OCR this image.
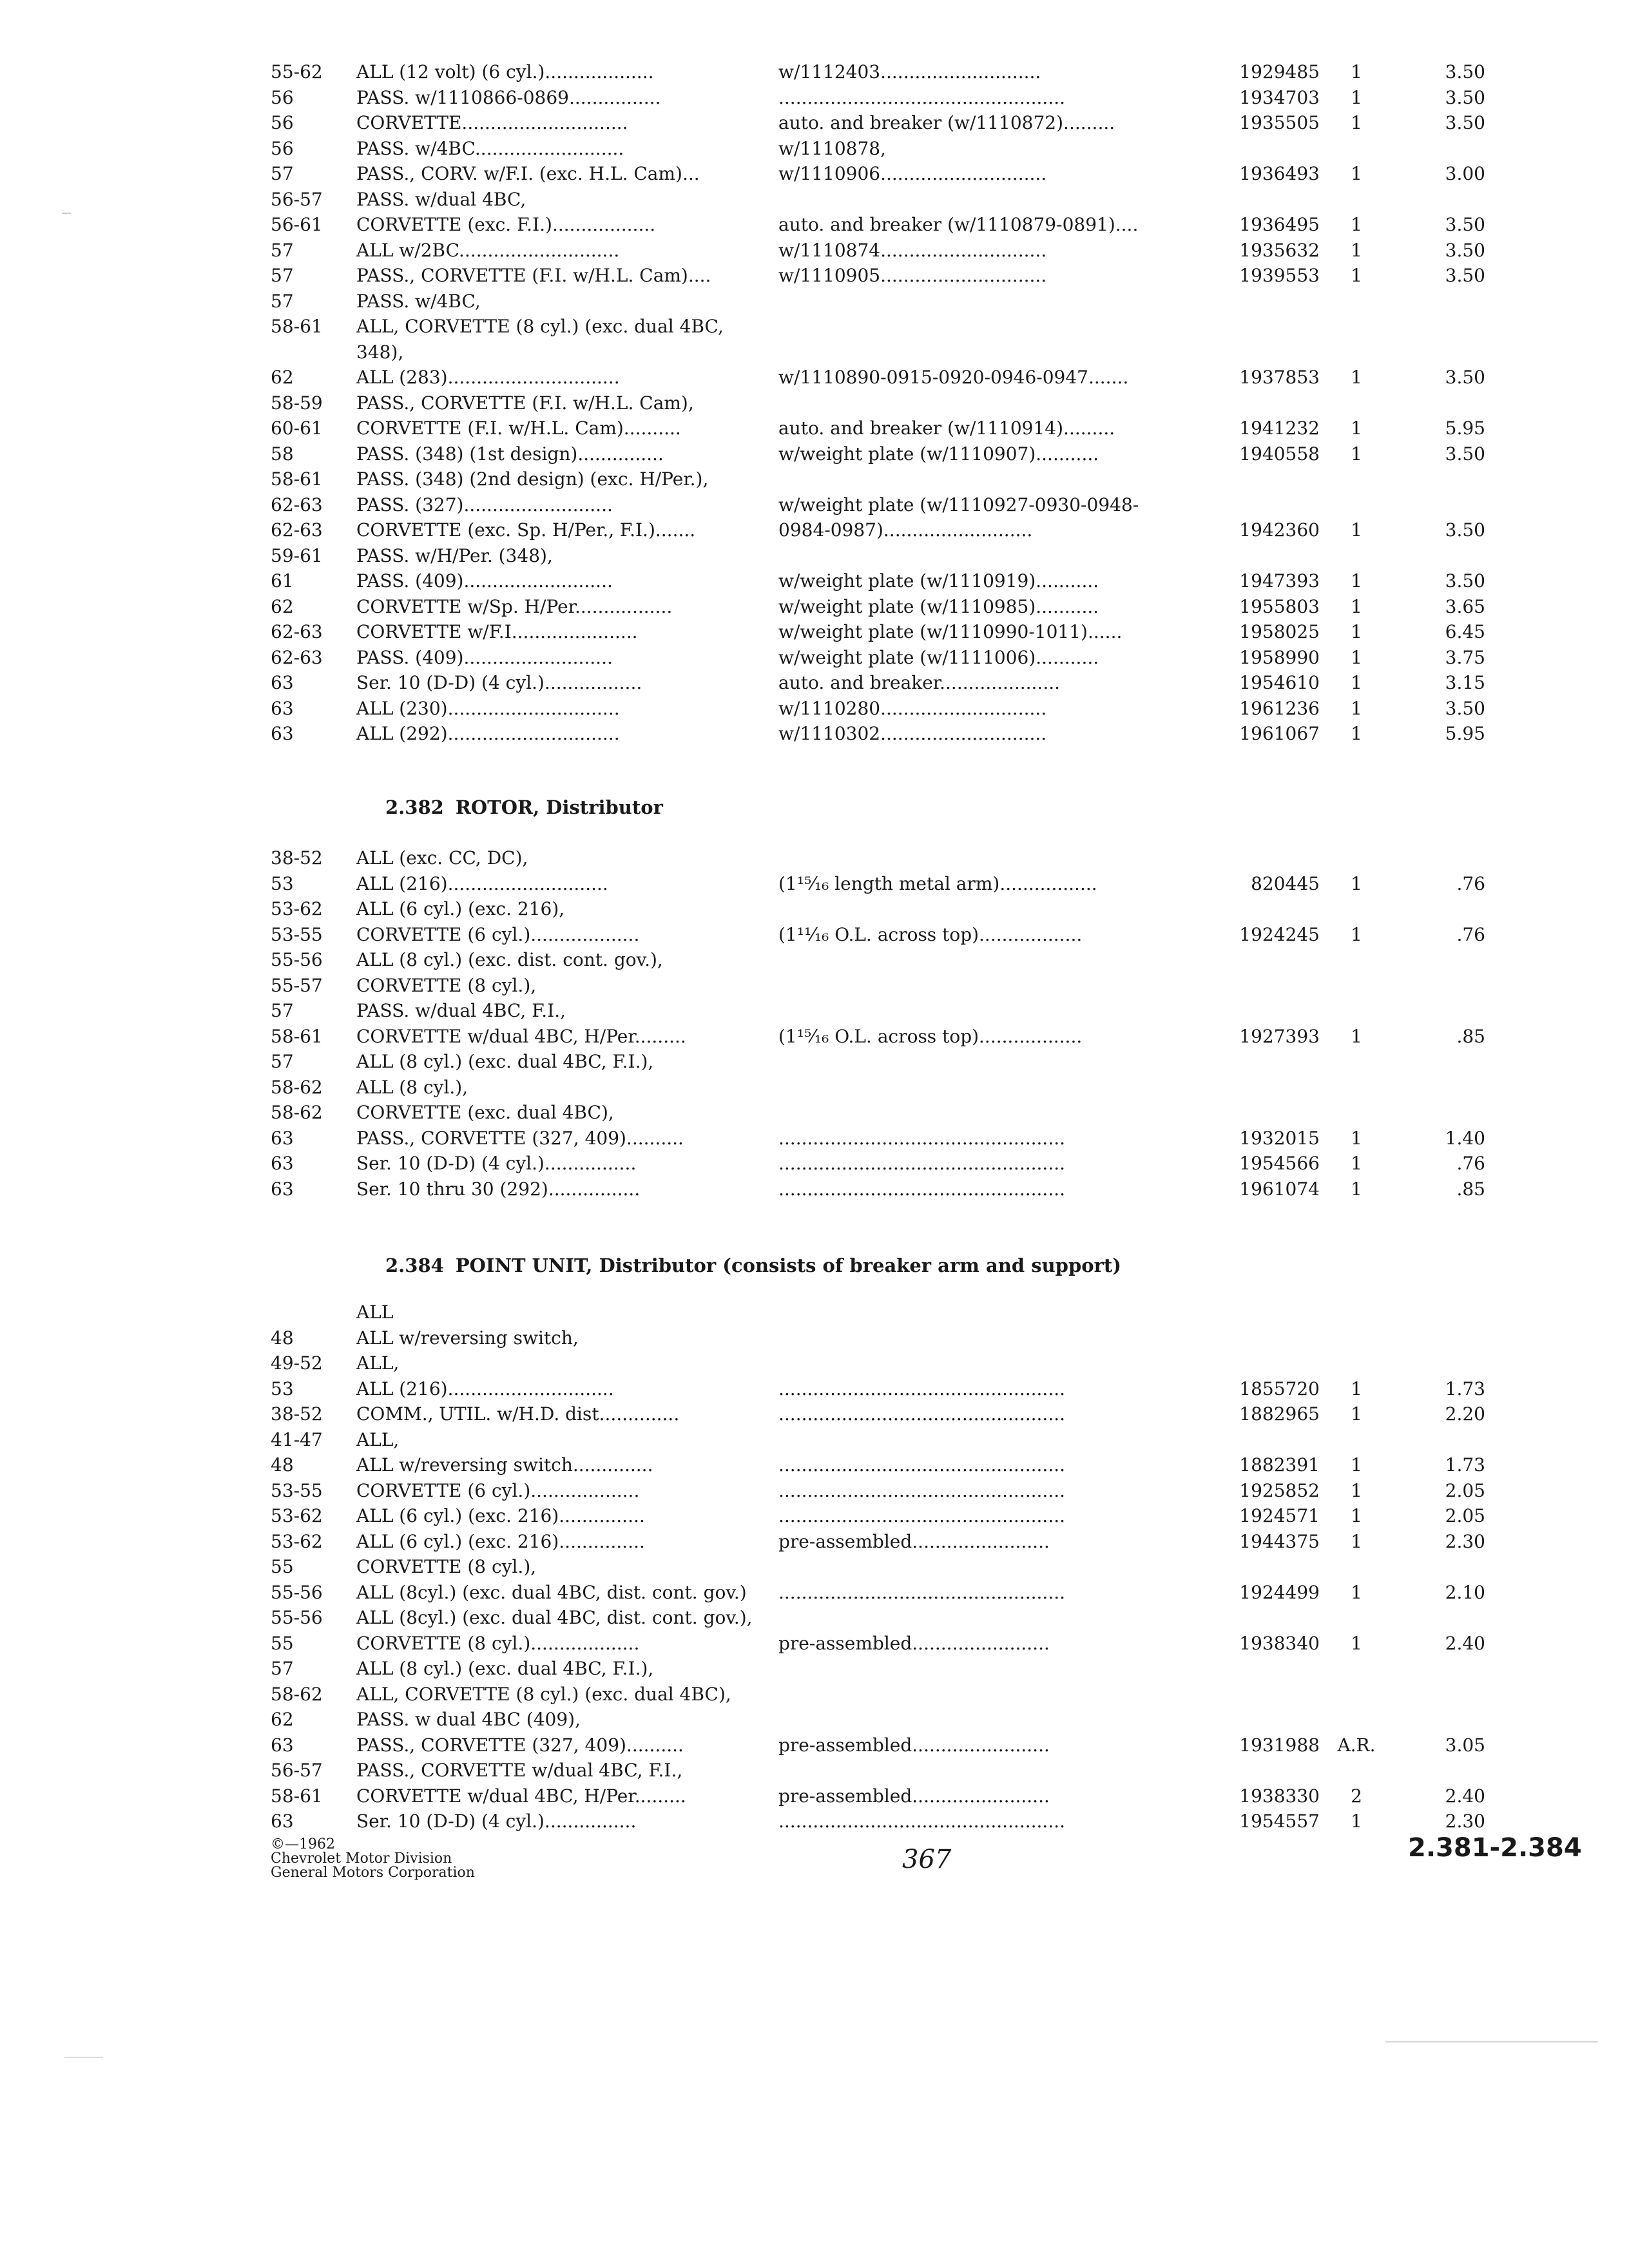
55-62 ALL (12 volt) (6 cyl.)...................	w/1112403............................	1929485	1	3.50
56	PASS. w/1110866-0869................	..................................................	1934703	1	3.50
56	CORVETTE.............................	auto. and breaker (w/1110872).........	1935505	1	3.50
56	PASS. w/4BC..........................	w/1110878,
57	PASS., CORV. w/F.I. (exc. H.L. Cam)...	w/1110906.............................	1936493	1	3.00
56-57 PASS. w/dual 4BC,
56-61 CORVETTE (exc. F.I.)..................	auto. and breaker (w/1110879-0891)....	1936495	1	3.50
57	ALL w/2BC............................	w/1110874.............................	1935632	1	3.50
57	PASS., CORVETTE (F.I. w/H.L. Cam)....	w/1110905.............................	1939553	1	3.50
57	PASS. w/4BC,
58-61 ALL, CORVETTE (8 cyl.) (exc. dual 4BC,
348),
62	ALL (283)..............................	w/1110890-0915-0920-0946-0947.......	1937853	1	3.50
58-59 PASS., CORVETTE (F.I. w/H.L. Cam),
60-61 CORVETTE (F.I. w/H.L. Cam)..........	auto. and breaker (w/1110914).........	1941232	1	5.95
58	PASS. (348) (1st design)...............	w/weight plate (w/1110907)...........	1940558	1	3.50
58-61 PASS. (348) (2nd design) (exc. H/Per.),
62-63 PASS. (327)..........................	w/weight plate (w/1110927-0930-0948-
62-63 CORVETTE (exc. Sp. H/Per., F.I.).......	0984-0987)..........................	1942360	1	3.50
59-61 PASS. w/H/Per. (348),
61	PASS. (409)..........................	w/weight plate (w/1110919)...........	1947393	1	3.50
62	CORVETTE w/Sp. H/Per.................	w/weight plate (w/1110985)...........	1955803	1	3.65
62-63 CORVETTE w/F.I......................	w/weight plate (w/1110990-1011)......	1958025	1	6.45
62-63 PASS. (409)..........................	w/weight plate (w/1111006)...........	1958990	1	3.75
63	Ser. 10 (D-D) (4 cyl.).................	auto. and breaker.....................	1954610	1	3.15
63	ALL (230)..............................	w/1110280.............................	1961236	1	3.50
63	ALL (292)..............................	w/1110302.............................	1961067	1	5.95
2.382 ROTOR, Distributor
38-52 ALL (exc. CC, DC),
53	ALL (216)............................	(1¹⁵⁄₁₆ length metal arm).................	820445	1	.76
53-62 ALL (6 cyl.) (exc. 216),
53-55 CORVETTE (6 cyl.)...................	(1¹¹⁄₁₆ O.L. across top)..................	1924245	1	.76
55-56 ALL (8 cyl.) (exc. dist. cont. gov.),
55-57 CORVETTE (8 cyl.),
57	PASS. w/dual 4BC, F.I.,
58-61 CORVETTE w/dual 4BC, H/Per.........	(1¹⁵⁄₁₆ O.L. across top)..................	1927393	1	.85
57	ALL (8 cyl.) (exc. dual 4BC, F.I.),
58-62 ALL (8 cyl.),
58-62 CORVETTE (exc. dual 4BC),
63	PASS., CORVETTE (327, 409)..........	..................................................	1932015	1	1.40
63	Ser. 10 (D-D) (4 cyl.)................	..................................................	1954566	1	.76
63	Ser. 10 thru 30 (292)................	..................................................	1961074	1	.85
2.384 POINT UNIT, Distributor (consists of breaker arm and support)
ALL
48	ALL w/reversing switch,
49-52 ALL,
53	ALL (216).............................	..................................................	1855720	1	1.73
38-52 COMM., UTIL. w/H.D. dist..............	..................................................	1882965	1	2.20
41-47 ALL,
48	ALL w/reversing switch..............	..................................................	1882391	1	1.73
53-55 CORVETTE (6 cyl.)...................	..................................................	1925852	1	2.05
53-62 ALL (6 cyl.) (exc. 216)...............	..................................................	1924571	1	2.05
53-62 ALL (6 cyl.) (exc. 216)...............	pre-assembled........................	1944375	1	2.30
55	CORVETTE (8 cyl.),
55-56 ALL (8cyl.) (exc. dual 4BC, dist. cont. gov.)	..................................................	1924499	1	2.10
55-56 ALL (8cyl.) (exc. dual 4BC, dist. cont. gov.),
55	CORVETTE (8 cyl.)...................	pre-assembled........................	1938340	1	2.40
57	ALL (8 cyl.) (exc. dual 4BC, F.I.),
58-62 ALL, CORVETTE (8 cyl.) (exc. dual 4BC),
62	PASS. w dual 4BC (409),
63	PASS., CORVETTE (327, 409)..........	pre-assembled........................	1931988 A.R.	3.05
56-57 PASS., CORVETTE w/dual 4BC, F.I.,
58-61 CORVETTE w/dual 4BC, H/Per.........	pre-assembled........................	1938330	2	2.40
63	Ser. 10 (D-D) (4 cyl.)................	..................................................	1954557	1	2.30
©—1962
Chevrolet Motor Division
General Motors Corporation	367	2.381-2.384
